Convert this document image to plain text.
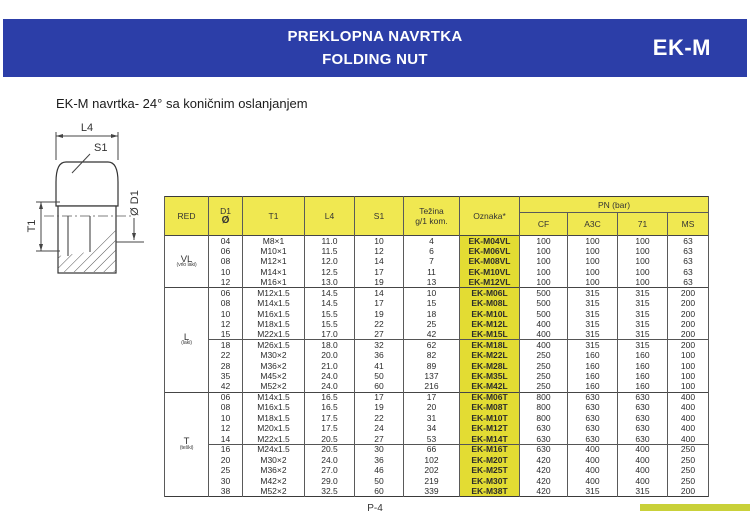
PREKLOPNA NAVRTKA
FOLDING NUT	EK-M
EK-M navrtka- 24° sa koničnim oslanjanjem
L4
S1
T1
Ø D1
RED	D1
Ø	T1	L4	S1	Težina
g/1 kom.	Oznaka*	PN (bar)
							CF	A3C	71	MS

VL
(vrlo laki)	04	M8×1	11.0	10	4	EK-M04VL	100	100	100	63
	06	M10×1	11.5	12	6	EK-M06VL	100	100	100	63
	08	M12×1	12.0	14	7	EK-M08VL	100	100	100	63
	10	M14×1	12.5	17	11	EK-M10VL	100	100	100	63
	12	M16×1	13.0	19	13	EK-M12VL	100	100	100	63

L
(laki)	06	M12x1.5	14.5	14	10	EK-M06L	500	315	315	200
	08	M14x1.5	14.5	17	15	EK-M08L	500	315	315	200
	10	M16x1.5	15.5	19	18	EK-M10L	500	315	315	200
	12	M18x1.5	15.5	22	25	EK-M12L	400	315	315	200
	15	M22x1.5	17.0	27	42	EK-M15L	400	315	315	200
	18	M26x1.5	18.0	32	62	EK-M18L	400	315	315	200
	22	M30×2	20.0	36	82	EK-M22L	250	160	160	100
	28	M36×2	21.0	41	89	EK-M28L	250	160	160	100
	35	M45×2	24.0	50	137	EK-M35L	250	160	160	100
	42	M52×2	24.0	60	216	EK-M42L	250	160	160	100

T
(teški)	06	M14x1.5	16.5	17	17	EK-M06T	800	630	630	400
	08	M16x1.5	16.5	19	20	EK-M08T	800	630	630	400
	10	M18x1.5	17.5	22	31	EK-M10T	800	630	630	400
	12	M20x1.5	17.5	24	34	EK-M12T	630	630	630	400
	14	M22x1.5	20.5	27	53	EK-M14T	630	630	630	400
	16	M24x1.5	20.5	30	66	EK-M16T	630	400	400	250
	20	M30×2	24.0	36	102	EK-M20T	420	400	400	250
	25	M36×2	27.0	46	202	EK-M25T	420	400	400	250
	30	M42×2	29.0	50	219	EK-M30T	420	400	400	250
	38	M52×2	32.5	60	339	EK-M38T	420	315	315	200
P-4
